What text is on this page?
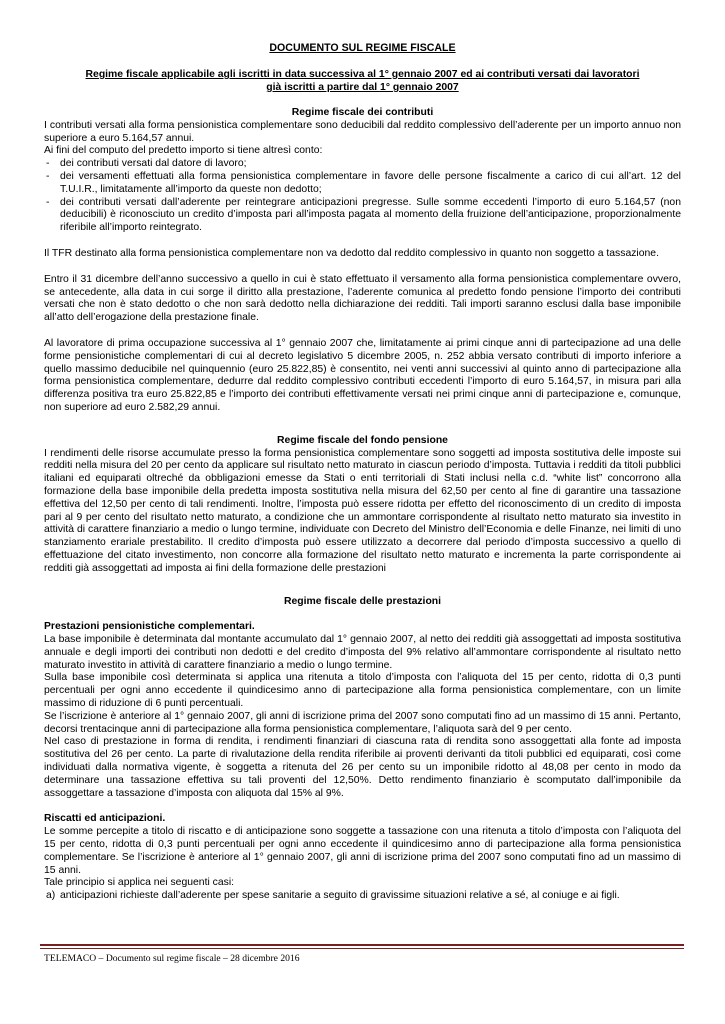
DOCUMENTO SUL REGIME FISCALE
Regime fiscale applicabile agli iscritti in data successiva al 1° gennaio 2007 ed ai contributi versati dai lavoratori
già iscritti a partire dal 1° gennaio 2007

Regime fiscale dei contributi

I contributi versati alla forma pensionistica complementare sono deducibili dal reddito complessivo dell’aderente per un importo annuo non superiore a euro 5.164,57 annui.

Ai fini del computo del predetto importo si tiene altresì conto:

- dei contributi versati dal datore di lavoro;
- dei versamenti effettuati alla forma pensionistica complementare in favore delle persone fiscalmente a carico di cui all’art. 12 del T.U.I.R., limitatamente all’importo da queste non dedotto;
- dei contributi versati dall’aderente per reintegrare anticipazioni pregresse. Sulle somme eccedenti l’importo di euro 5.164,57 (non deducibili) è riconosciuto un credito d’imposta pari all’imposta pagata al momento della fruizione dell’anticipazione, proporzionalmente riferibile all’importo reintegrato.

Il TFR destinato alla forma pensionistica complementare non va dedotto dal reddito complessivo in quanto non soggetto a tassazione.

Entro il 31 dicembre dell’anno successivo a quello in cui è stato effettuato il versamento alla forma pensionistica complementare ovvero, se antecedente, alla data in cui sorge il diritto alla prestazione, l’aderente comunica al predetto fondo pensione l’importo dei contributi versati che non è stato dedotto o che non sarà dedotto nella dichiarazione dei redditi. Tali importi saranno esclusi dalla base imponibile all’atto dell’erogazione della prestazione finale.

Al lavoratore di prima occupazione successiva al 1° gennaio 2007 che, limitatamente ai primi cinque anni di partecipazione ad una delle forme pensionistiche complementari di cui al decreto legislativo 5 dicembre 2005, n. 252 abbia versato contributi di importo inferiore a quello massimo deducibile nel quinquennio (euro 25.822,85) è consentito, nei venti anni successivi al quinto anno di partecipazione alla forma pensionistica complementare, dedurre dal reddito complessivo contributi eccedenti l’importo di euro 5.164,57, in misura pari alla differenza positiva tra euro 25.822,85 e l’importo dei contributi effettivamente versati nei primi cinque anni di partecipazione e, comunque, non superiore ad euro 2.582,29 annui.

Regime fiscale del fondo pensione

I rendimenti delle risorse accumulate presso la forma pensionistica complementare sono soggetti ad imposta sostitutiva delle imposte sui redditi nella misura del 20 per cento da applicare sul risultato netto maturato in ciascun periodo d’imposta. Tuttavia i redditi da titoli pubblici italiani ed equiparati oltreché da obbligazioni emesse da Stati o enti territoriali di Stati inclusi nella c.d. “white list” concorrono alla formazione della base imponibile della predetta imposta sostitutiva nella misura del 62,50 per cento al fine di garantire una tassazione effettiva del 12,50 per cento di tali rendimenti. Inoltre, l’imposta può essere ridotta per effetto del riconoscimento di un credito di imposta pari al 9 per cento del risultato netto maturato, a condizione che un ammontare corrispondente al risultato netto maturato sia investito in attività di carattere finanziario a medio o lungo termine, individuate con Decreto del Ministro dell’Economia e delle Finanze, nei limiti di uno stanziamento erariale prestabilito. Il credito d’imposta può essere utilizzato a decorrere dal periodo d’imposta successivo a quello di effettuazione del citato investimento, non concorre alla formazione del risultato netto maturato e incrementa la parte corrispondente ai redditi già assoggettati ad imposta ai fini della formazione delle prestazioni

Regime fiscale delle prestazioni

Prestazioni pensionistiche complementari.

La base imponibile è determinata dal montante accumulato dal 1° gennaio 2007, al netto dei redditi già assoggettati ad imposta sostitutiva annuale e degli importi dei contributi non dedotti e del credito d’imposta del 9% relativo all’ammontare corrispondente al risultato netto maturato investito in attività di carattere finanziario a medio o lungo termine.

Sulla base imponibile così determinata si applica una ritenuta a titolo d’imposta con l’aliquota del 15 per cento, ridotta di 0,3 punti percentuali per ogni anno eccedente il quindicesimo anno di partecipazione alla forma pensionistica complementare, con un limite massimo di riduzione di 6 punti percentuali.

Se l’iscrizione è anteriore al 1° gennaio 2007, gli anni di iscrizione prima del 2007 sono computati fino ad un massimo di 15 anni. Pertanto, decorsi trentacinque anni di partecipazione alla forma pensionistica complementare, l’aliquota sarà del 9 per cento.

Nel caso di prestazione in forma di rendita, i rendimenti finanziari di ciascuna rata di rendita sono assoggettati alla fonte ad imposta sostitutiva del 26 per cento. La parte di rivalutazione della rendita riferibile ai proventi derivanti da titoli pubblici ed equiparati, così come individuati dalla normativa vigente, è soggetta a ritenuta del 26 per cento su un imponibile ridotto al 48,08 per cento in modo da determinare una tassazione effettiva su tali proventi del 12,50%. Detto rendimento finanziario è scomputato dall’imponibile da assoggettare a tassazione d’imposta con aliquota dal 15% al 9%.

Riscatti ed anticipazioni.

Le somme percepite a titolo di riscatto e di anticipazione sono soggette a tassazione con una ritenuta a titolo d’imposta con l’aliquota del 15 per cento, ridotta di 0,3 punti percentuali per ogni anno eccedente il quindicesimo anno di partecipazione alla forma pensionistica complementare. Se l’iscrizione è anteriore al 1° gennaio 2007, gli anni di iscrizione prima del 2007 sono computati fino ad un massimo di 15 anni.

Tale principio si applica nei seguenti casi:

a) anticipazioni richieste dall’aderente per spese sanitarie a seguito di gravissime situazioni relative a sé, al coniuge e ai figli.
TELEMACO – Documento sul regime fiscale – 28 dicembre 2016
